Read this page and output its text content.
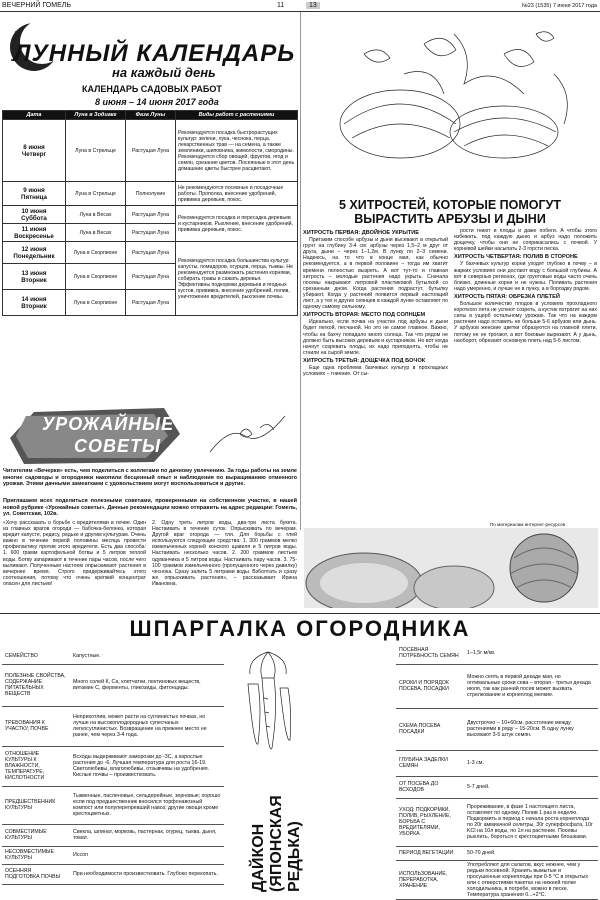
ВЕЧЕРНИЙ ГОМЕЛЬ	11	13	№23 (1535) 7 июня 2017 года
ЛУННЫЙ КАЛЕНДАРЬ
на каждый день
КАЛЕНДАРЬ САДОВЫХ РАБОТ
8 июня – 14 июня 2017 года
Дата	Луна в Зодиаке	Фаза Луны	Виды работ с растениями
8 июня
Четверг	Луна в Стрельце	Растущая Луна	Рекомендуется посадка быстрорастущих культур: зелени, лука, чеснока, перца, лекарственных трав — на семена, а также земляники, шиповника, жимолости, смородины. Рекомендуется сбор овощей, фруктов, ягод и семян, срезание цветов. Посеянные в этот день домашние цветы быстрее расцветают.
9 июня
Пятница	Луна в Стрельце	Полнолуние	Не рекомендуются посевные и посадочные работы. Прополка, внесение удобрений, прививка деревьев, покос.
10 июня
Суббота	Луна в Весах	Растущая Луна	Рекомендуется посадка и пересадка деревьев и кустарников. Рыхление, внесение удобрений, прививка деревьев, покос.
11 июня
Воскресенье	Луна в Весах	Растущая Луна	
12 июня
Понедельник	Луна в Скорпионе	Растущая Луна	Рекомендуется посадка большинства культур: капусты, помидоров, огурцов, перца, тыквы. Не рекомендуется размножать растения корнями, собирать травы и сажать деревья. Эффективны подкормки деревьев и ягодных кустов, прививка, внесение удобрений, полив, уничтожение вредителей, рыхление почвы.
13 июня
Вторник	Луна в Скорпионе	Растущая Луна	
14 июня
Вторник	Луна в Скорпионе	Растущая Луна	
УРОЖАЙНЫЕ
СОВЕТЫ
Читателям «Вечерки» есть, чем поделиться с коллегами по дачному увлечению. За годы работы на земле многие садоводы и огородники накопили бесценный опыт и наблюдения по выращиванию отменного урожая. Этими дачными замеатками с удовольствием могут воспользоваться и другие.
Приглашаем всех поделиться полезными советами, проверенными на собственном участке, в нашей новой рубрике «Урожайные советы». Дачные рекомендации можно отправить на адрес редакции: Гомель, ул. Советская, 102в.
«Хочу рассказать о борьбе с вредителями в почве. Один из главных врагов огорода — бабочка-белянка, которая вредит капусте, редису, редьке и другим культурам. Очень важно в течение первой половины месяца провести профилактику против этого вредителя. Есть два способа: 1. 600 грамм картофельной ботвы и 5 литров теплой воды. Ботву запаривают в течение пары часов, после чего выливают. Полученным настоем опрыскивают растения в вечернее время. Строго придерживайтесь этого соотношения, потому что очень крепкий концентрат опасен для листьев!
2. Одну треть литров воды, два-три листа букета. Настаивать в течение суток. Опрыскивать по вечерам. Другой враг огорода — тля. Для борьбы с тлей используются следующие средства: 1. 300 граммов мелко измельченных корней конского щавеля и 5 литров воды. Настаивать несколько часов. 2. 200 граммов листьев одуванчика и 5 литров воды. Настаивать пару часов. 3. 75-100 граммов измельченного (пропущенного через давилку) чеснока. Сразу залить 5 литрами воды. Взболтать и сразу же опрыскивать растения», – рассказывает Ирина Ивановна.
5 ХИТРОСТЕЙ, КОТОРЫЕ ПОМОГУТ ВЫРАСТИТЬ АРБУЗЫ И ДЫНИ
ХИТРОСТЬ ПЕРВАЯ: ДВОЙНОЕ УКРЫТИЕ

Притаким способе арбузы и дыни высевают в открытый грунт на глубину 3-4 см: арбузы через 1,5–2 м друг от друга, дыни – через 1–1,2м. В лунку по 2–3 семени. Надеюсь, на то что в конце мая, как обычно рекомендуется, а в первой половине – тогда им хватит времени полностью вызреть. А вот тут-то и главная хитрость – молодые растения надо укрыть. Сначала посевы накрывают литровой пластиковой бутылкой со срезанным дном. Когда растения подрастут, бутылку убирают. Когда у растений появится первый настоящий лист, а у тех и других сеянцев в каждой лунке оставляют по одному самому сильному.

ХИТРОСТЬ ВТОРАЯ: МЕСТО ПОД СОЛНЦЕМ

Идеально, если почва на участке под арбузы и дыни будет легкой, песчаной. Но это не самое главное. Важно, чтобы на бахчу попадало много солнца. Так что рядом не должно быть высоких деревьев и кустарников. Но вот когда начнут созревать плоды, их надо приподнять, чтобы не сгнили на сырой земле.

ХИТРОСТЬ ТРЕТЬЯ: ДОЩЕЧКА ПОД БОЧОК

Еще одна проблема бахчевых культур в прохладных условиях – гниение. От сы-

рости гниют и плоды и даже побеги. А чтобы этого избежать, под каждую дыню и арбуз надо положить дощечку, чтобы они не соприкасались с почвой. У корневой шейки насыпать 2-3 горсти песка.

ХИТРОСТЬ ЧЕТВЕРТАЯ: ПОЛИВ В СТОРОНЕ

У бахчевых культур корни уходят глубоко в почву – в жарких условиях они достают воду с большой глубины. А вот в северных регионах, где грунтовые воды часто очень близко, длинные корни и не нужны. Поливать растения надо умеренно, и лучше не в лунку, а в бороздку рядом.

ХИТРОСТЬ ПЯТАЯ: ОБРЕЗКА ПЛЕТЕЙ

Большое количество плодов в условиях прохладного короткого лета не успеют созреть, а кустик потратит на них силы в ущерб остальному урожаю. Так что на каждом растении надо оставить не больше 5-6 арбузов или дынь. У арбузов женские цветки образуются на главной плети, потому ее не трогают, а вот боковые вырезают. А у дынь, наоборот, обрезают основную плеть над 5-6 листом.

По материалам интернет-ресурсов
ШПАРГАЛКА ОГОРОДНИКА
СЕМЕЙСТВО	Капустные.
ПОЛЕЗНЫЕ СВОЙСТВА, СОДЕРЖАНИЕ ПИТАТЕЛЬНЫХ ВЕЩЕСТВ	Много солей К, Ca, клетчатки, пектиновых веществ, витамин С, ферменты, гликозиды, фитонциды.
ТРЕБОВАНИЯ К УЧАСТКУ, ПОЧВЕ	Неприхотлив, может расти на суглинистых почвах, но лучше на высокоплодородных супесчаных легкосуглинистых. Возвращение на прежнее место не ранее, чем через 3-4 года.
ОТНОШЕНИЕ КУЛЬТУРЫ К ВЛАЖНОСТИ, ТЕМПЕРАТУРЕ, КИСЛОТНОСТИ	Всходы выдерживают заморозки до -3С, а взрослые растения до -6. Лучшая температура для роста 16-19. Светолюбивы, влаголюбивы, отзывчивы на удобрения. Кислые почвы – произвестковать.
ПРЕДШЕСТВЕННИК КУЛЬТУРЫ	Тыквенные, пасленовые, сельдерейные, зерновые; хорошо если под предшественник вносился торфонавозный компост или полуперепревший навоз; другие овощи кроме крестоцветных.
СОВМЕСТИМЫЕ КУЛЬТУРЫ	Свекла, шпинат, морковь, пастернак, огурец, тыква, дыня, томат.
НЕСОВМЕСТИМЫЕ КУЛЬТУРЫ	Иссоп
ОСЕННЯЯ ПОДГОТОВКА ПОЧВЫ	При необходимости произвестковать. Глубоко перекопать. ДАЙКОН (ЯПОНСКАЯ РЕДЬКА)
ПОСЕВНАЯ ПОТРЕБНОСТЬ СЕМЯН	1–1,5г м/кв.
СРОКИ И ПОРЯДОК ПОСЕВА, ПОСАДКИ	Можно сеять в первой декаде мая, но оптимальные сроки сева – вторая - третья декада июля, так как ранний посев может вызвать стрелкование и корнеплод мелкие.
СХЕМА ПОСЕВА ПОСАДКИ	Двустрочно – 10+60см, расстояние между растениями в ряду – 15-20см. В одну лунку высевают 3-5 штук семян.
ГЛУБИНА ЗАДЕЛКИ СЕМЯН	1-3 см.
ОТ ПОСЕВА ДО ВСХОДОВ	5-7 дней.
УХОД: ПОДКОРМКИ, ПОЛИВ, РЫХЛЕНИЕ, БОРЬБА С ВРЕДИТЕЛЯМИ, УБОРКА	Прореживание, в фазе 1 настоящего листа, оставляют по одному. Полив 1 раз в неделю. Подкормить в период с начала роста корнеплода по 20г аммиачной селитры, 30г суперфосфата, 10г KCl на 10л воды, по 1л на растение. Посевы рыхлить, бороться с крестоцветными блошками.
ПЕРИОД ВЕГЕТАЦИИ	50-70 дней.
ИСПОЛЬЗОВАНИЕ, ПЕРЕРАБОТКА, ХРАНЕНИЕ	Употребляют для салатов, вкус нежнее, чем у редьки посевной. Хранить вымытые и просушенные корнеплоды при 0-5 °С в открытых или с отверстиями пакетах на нижней полке холодильника, в погребе, можно в песке. Температура хранения 0...+2°С.
